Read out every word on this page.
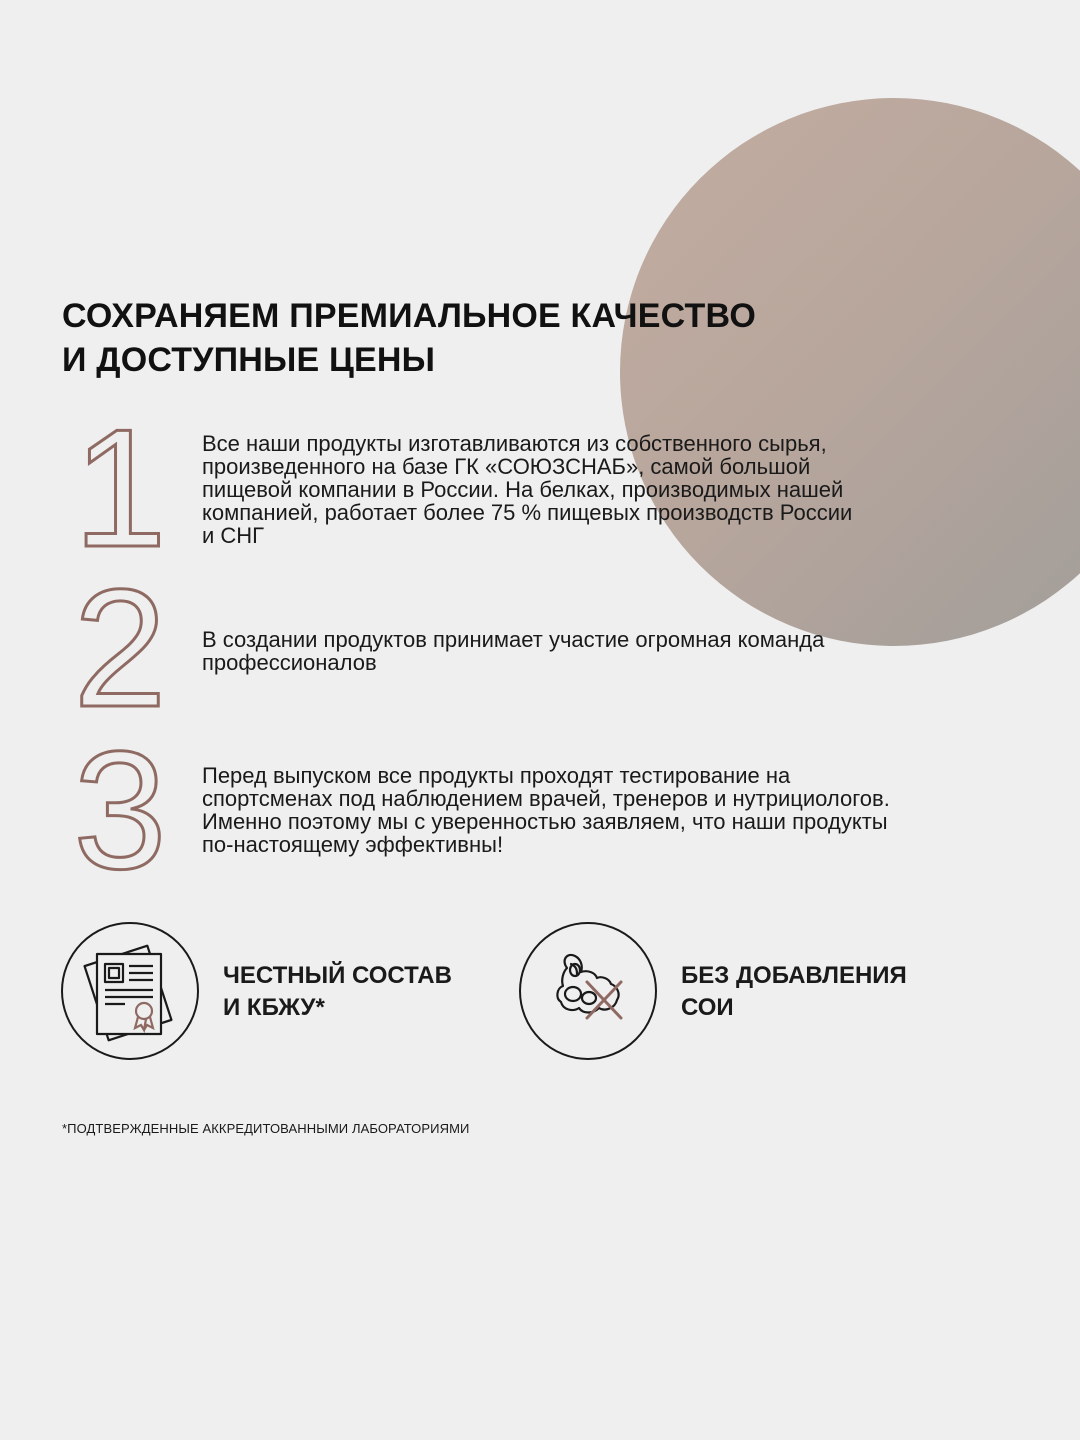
СОХРАНЯЕМ ПРЕМИАЛЬНОЕ КАЧЕСТВО
И ДОСТУПНЫЕ ЦЕНЫ
1	Все наши продукты изготавливаются из собственного сырья,
произведенного на базе ГК «СОЮЗСНАБ», самой большой
пищевой компании в России. На белках, производимых нашей
компанией, работает более 75 % пищевых производств России
и СНГ

2	В создании продуктов принимает участие огромная команда
профессионалов

3	Перед выпуском все продукты проходят тестирование на
спортсменах под наблюдением врачей, тренеров и нутрициологов.
Именно поэтому мы с уверенностью заявляем, что наши продукты
по-настоящему эффективны!

ЧЕСТНЫЙ СОСТАВ
И КБЖУ*

БЕЗ ДОБАВЛЕНИЯ
СОИ

*ПОДТВЕРЖДЕННЫЕ АККРЕДИТОВАННЫМИ ЛАБОРАТОРИЯМИ
